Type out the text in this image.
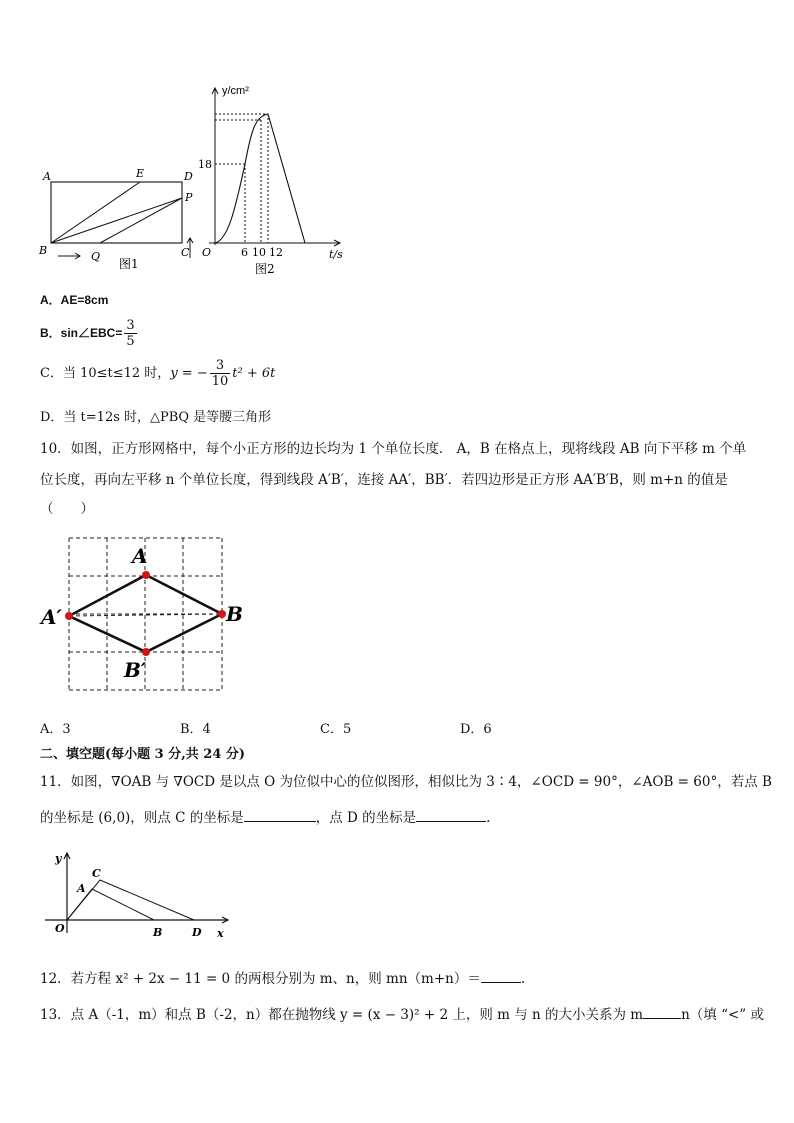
A	E	D
P
B	Q	C
图1
y/cm²
t/s
O
18
6 10 12
图2
A．AE=8cm
B．sin∠EBC= $\frac{3}{5}$
C．当 10≤t≤12 时，y = − $\frac{3}{10} t^2 + 6t$
D．当 t=12s 时，△PBQ 是等腰三角形
10．如图，正方形网格中，每个小正方形的边长均为 1 个单位长度． A，B 在格点上，现将线段 AB 向下平移 m 个单
位长度，再向左平移 n 个单位长度，得到线段 A′B′，连接 AA′，BB′．若四边形是正方形 AA′B′B，则 m+n 的值是
（　　）
A
B
A′
B′
A．3	B．4	C．5	D．6
二、填空题(每小题 3 分,共 24 分)
11．如图，∇OAB 与 ∇OCD 是以点 O 为位似中心的位似图形，相似比为 3∶4，∠OCD = 90°，∠AOB = 60°，若点 B
的坐标是 (6,0)，则点 C 的坐标是	，点 D 的坐标是	.
y
x
O
A
C
B	D
12．若方程 x² + 2x − 11 = 0 的两根分别为 m、n，则 mn（m+n）＝	.
13．点 A（-1，m）和点 B（-2，n）都在抛物线 y = (x − 3)² + 2 上，则 m 与 n 的大小关系为 m	n（填 “<” 或
